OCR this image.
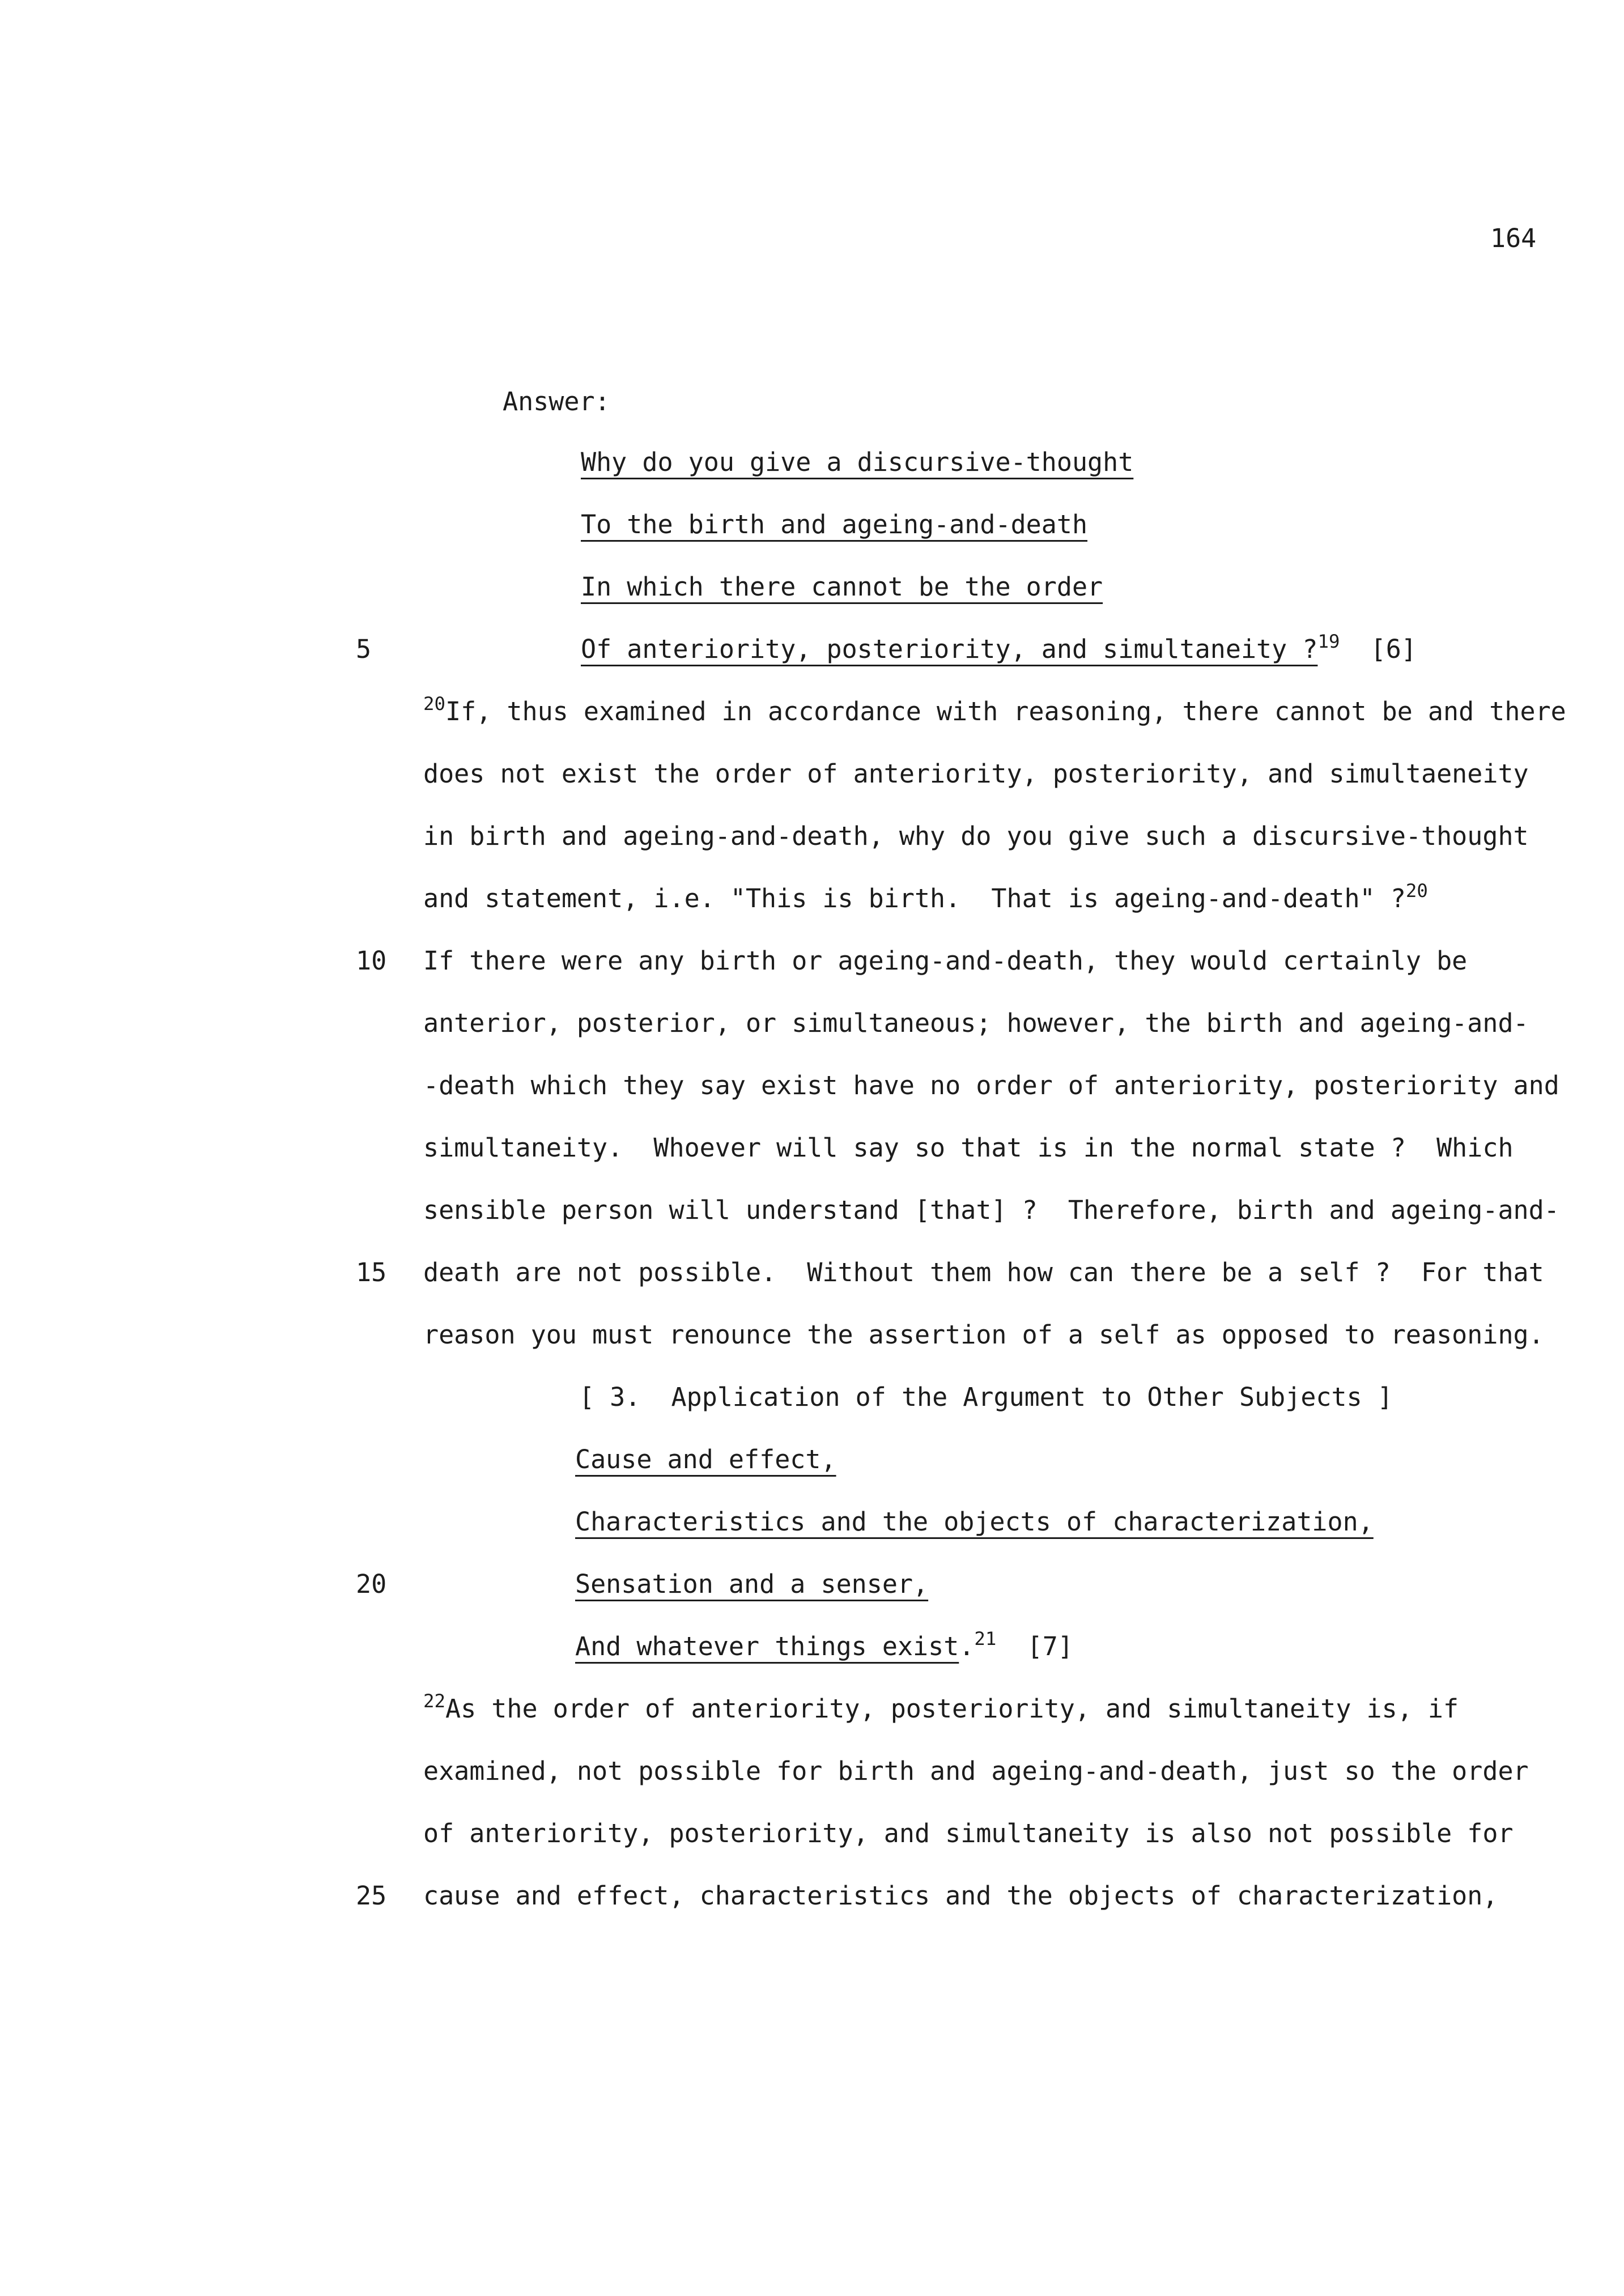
164
Answer:
Why do you give a discursive-thought
To the birth and ageing-and-death
In which there cannot be the order
Of anteriority, posteriority, and simultaneity ?$^{19}$ [6]
$^{20}$If, thus examined in accordance with reasoning, there cannot be and there
does not exist the order of anteriority, posteriority, and simultaeneity
in birth and ageing-and-death, why do you give such a discursive-thought
and statement, i.e. "This is birth.  That is ageing-and-death" ?$^{20}$
If there were any birth or ageing-and-death, they would certainly be
anterior, posterior, or simultaneous; however, the birth and ageing-and-
-death which they say exist have no order of anteriority, posteriority and
simultaneity.  Whoever will say so that is in the normal state ?  Which
sensible person will understand [that] ?  Therefore, birth and ageing-and-
death are not possible.  Without them how can there be a self ?  For that
reason you must renounce the assertion of a self as opposed to reasoning.
[ 3.  Application of the Argument to Other Subjects ]
Cause and effect,
Characteristics and the objects of characterization,
Sensation and a senser,
And whatever things exist.$^{21}$ [7]
$^{22}$As the order of anteriority, posteriority, and simultaneity is, if
examined, not possible for birth and ageing-and-death, just so the order
of anteriority, posteriority, and simultaneity is also not possible for
cause and effect, characteristics and the objects of characterization,
5
10
15
20
25
